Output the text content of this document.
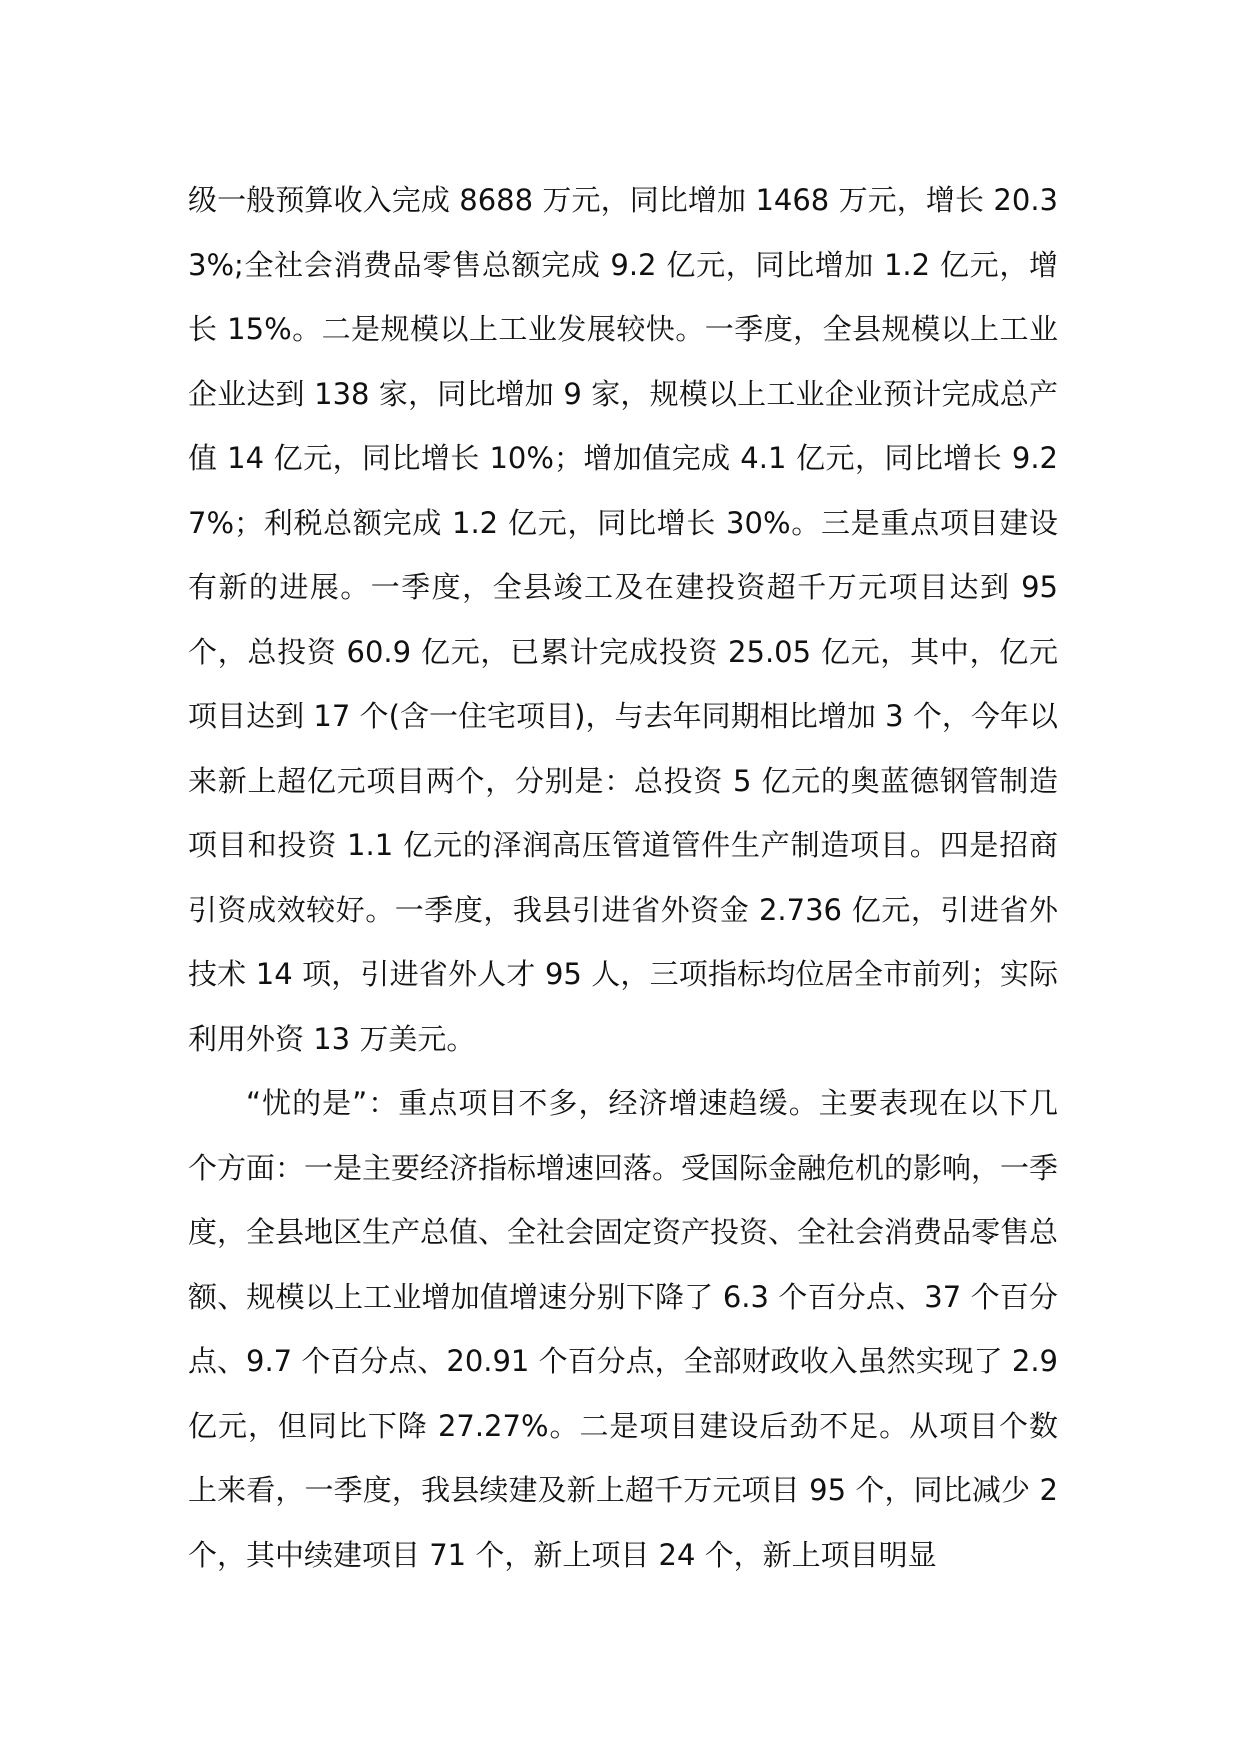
级一般预算收入完成 8688 万元，同比增加 1468 万元，增长 20.33%;全社会消费品零售总额完成 9.2 亿元，同比增加 1.2 亿元，增长 15%。二是规模以上工业发展较快。一季度，全县规模以上工业企业达到 138 家，同比增加 9 家，规模以上工业企业预计完成总产值 14 亿元，同比增长 10%；增加值完成 4.1 亿元，同比增长 9.27%；利税总额完成 1.2 亿元，同比增长 30%。三是重点项目建设有新的进展。一季度，全县竣工及在建投资超千万元项目达到 95 个，总投资 60.9 亿元，已累计完成投资 25.05 亿元，其中，亿元项目达到 17 个(含一住宅项目)，与去年同期相比增加 3 个，今年以来新上超亿元项目两个，分别是：总投资 5 亿元的奥蓝德钢管制造项目和投资 1.1 亿元的泽润高压管道管件生产制造项目。四是招商引资成效较好。一季度，我县引进省外资金 2.736 亿元，引进省外技术 14 项，引进省外人才 95 人，三项指标均位居全市前列；实际利用外资 13 万美元。

“忧的是”：重点项目不多，经济增速趋缓。主要表现在以下几个方面：一是主要经济指标增速回落。受国际金融危机的影响，一季度，全县地区生产总值、全社会固定资产投资、全社会消费品零售总额、规模以上工业增加值增速分别下降了 6.3 个百分点、37 个百分点、9.7 个百分点、20.91 个百分点，全部财政收入虽然实现了 2.9 亿元，但同比下降 27.27%。二是项目建设后劲不足。从项目个数上来看，一季度，我县续建及新上超千万元项目 95 个，同比减少 2 个，其中续建项目 71 个，新上项目 24 个，新上项目明显
